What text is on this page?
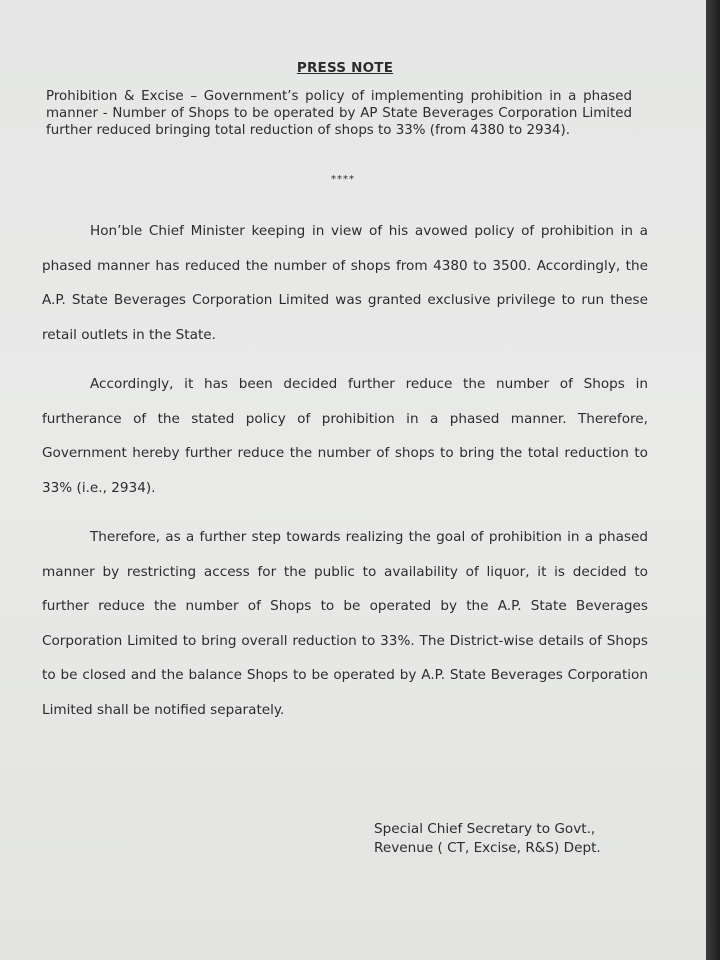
PRESS NOTE
Prohibition & Excise – Government’s policy of implementing prohibition in a phased manner - Number of Shops to be operated by AP State Beverages Corporation Limited further reduced bringing total reduction of shops to 33% (from 4380 to 2934).
****
Hon’ble Chief Minister keeping in view of his avowed policy of prohibition in a phased manner has reduced the number of shops from 4380 to 3500. Accordingly, the A.P. State Beverages Corporation Limited was granted exclusive privilege to run these retail outlets in the State.
Accordingly, it has been decided further reduce the number of Shops in furtherance of the stated policy of prohibition in a phased manner. Therefore, Government hereby further reduce the number of shops to bring the total reduction to 33% (i.e., 2934).
Therefore, as a further step towards realizing the goal of prohibition in a phased manner by restricting access for the public to availability of liquor, it is decided to further reduce the number of Shops to be operated by the A.P. State Beverages Corporation Limited to bring overall reduction to 33%. The District-wise details of Shops to be closed and the balance Shops to be operated by A.P. State Beverages Corporation Limited shall be notified separately.
Special Chief Secretary to Govt.,
Revenue ( CT, Excise, R&S) Dept.
